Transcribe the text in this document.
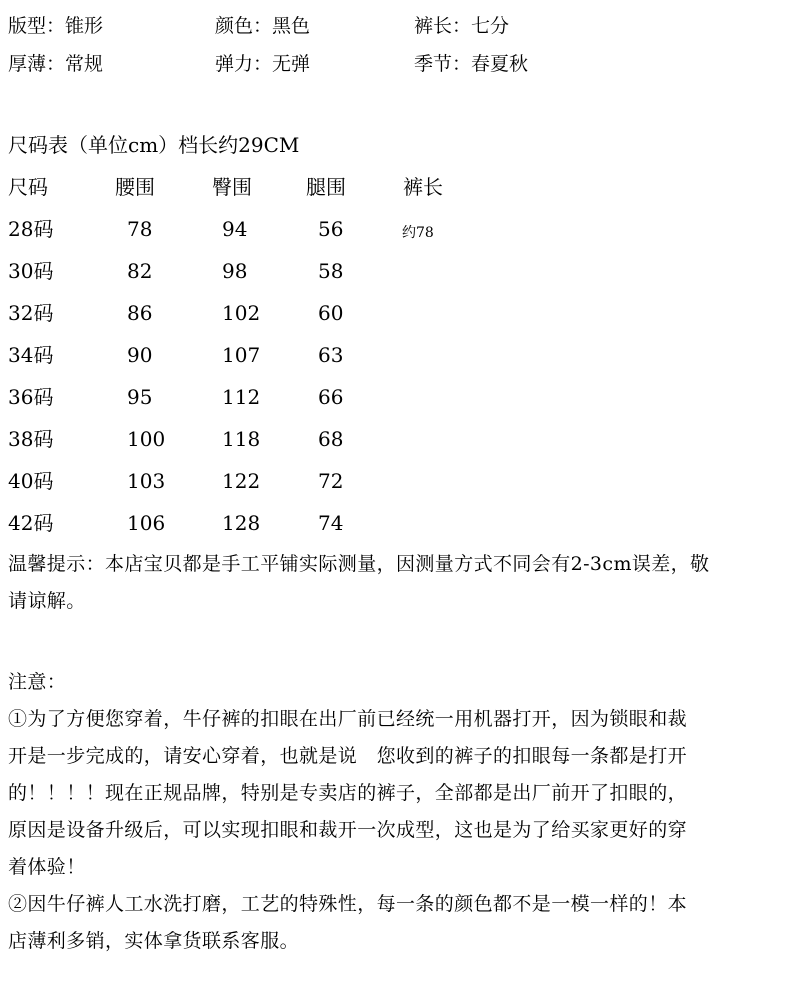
版型：锥形	颜色：黑色	裤长：七分
厚薄：常规	弹力：无弹	季节：春夏秋
尺码表（单位cm）档长约29CM
尺码	腰围	臀围	腿围	裤长
28码	78	94	56	约78
30码	82	98	58
32码	86	102	60
34码	90	107	63
36码	95	112	66
38码	100	118	68
40码	103	122	72
42码	106	128	74
温馨提示：本店宝贝都是手工平铺实际测量，因测量方式不同会有2-3cm误差，敬
请谅解。
注意：
①为了方便您穿着，牛仔裤的扣眼在出厂前已经统一用机器打开，因为锁眼和裁
开是一步完成的，请安心穿着，也就是说　您收到的裤子的扣眼每一条都是打开
的！！！！现在正规品牌，特别是专卖店的裤子，全部都是出厂前开了扣眼的，
原因是设备升级后，可以实现扣眼和裁开一次成型，这也是为了给买家更好的穿
着体验！
②因牛仔裤人工水洗打磨，工艺的特殊性，每一条的颜色都不是一模一样的！本
店薄利多销，实体拿货联系客服。
